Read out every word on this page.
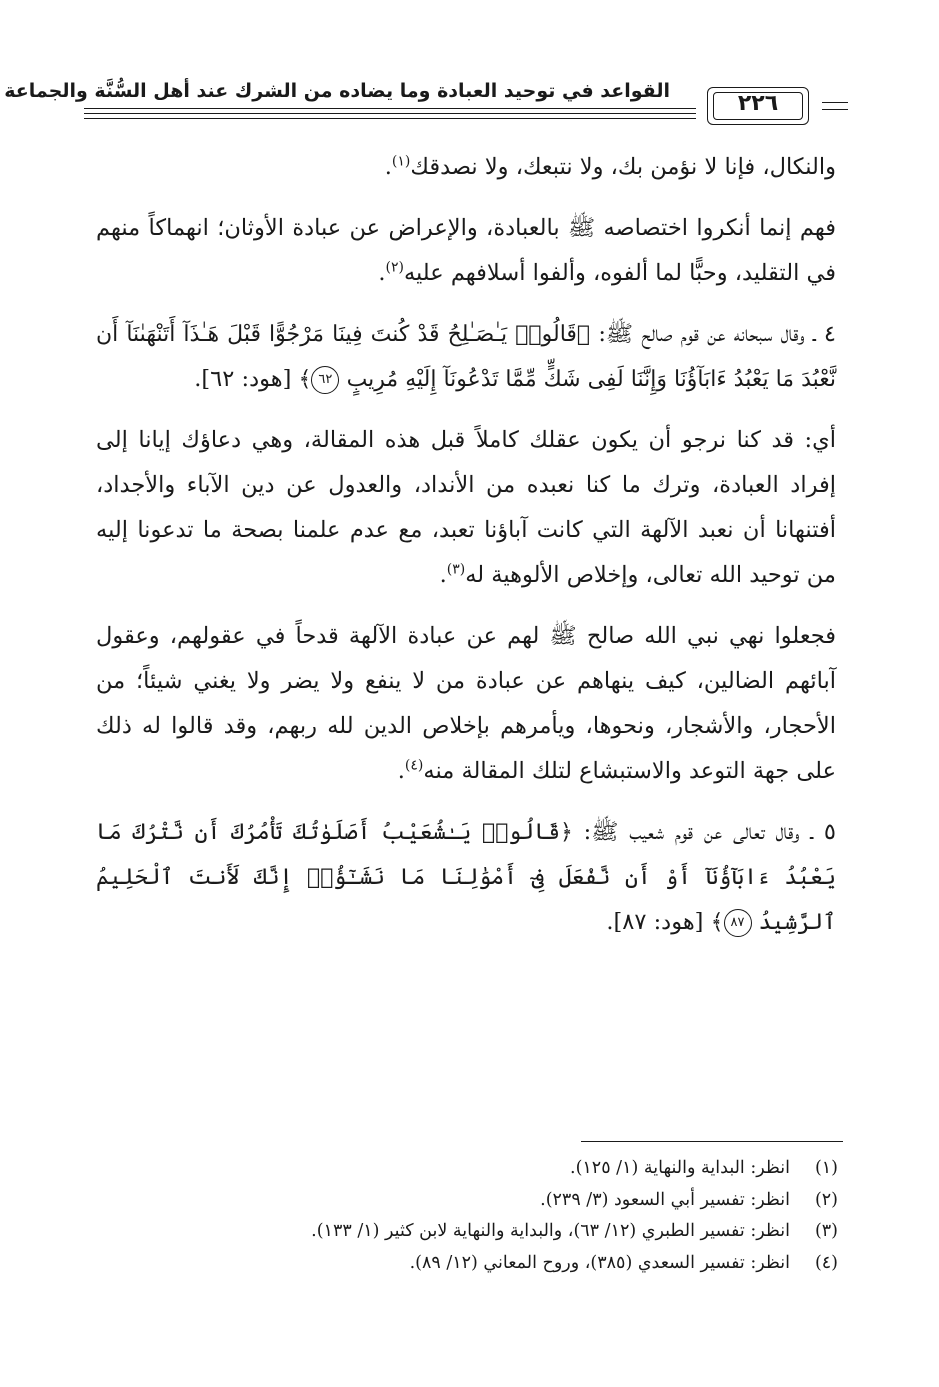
القواعد في توحيد العبادة وما يضاده من الشرك عند أهل السُّنَّة والجماعة	٢٢٦

والنكال، فإنا لا نؤمن بك، ولا نتبعك، ولا نصدقك$^{(١)}$.

فهم إنما أنكروا اختصاصه ﷺ بالعبادة، والإعراض عن عبادة الأوثان؛ انهماكاً منهم في التقليد، وحبًّا لما ألفوه، وألفوا أسلافهم عليه$^{(٢)}$.

٤ ـ وقال سبحانه عن قوم صالح ﷺ: ﴿قَالُوا۟ يَـٰصَـٰلِحُ قَدْ كُنتَ فِينَا مَرْجُوًّا قَبْلَ هَـٰذَآ أَتَنْهَىٰنَآ أَن نَّعْبُدَ مَا يَعْبُدُ ءَابَآؤُنَا وَإِنَّنَا لَفِى شَكٍّ مِّمَّا تَدْعُونَآ إِلَيْهِ مُرِيبٍ ٦٢﴾ [هود: ٦٢].

أي: قد كنا نرجو أن يكون عقلك كاملاً قبل هذه المقالة، وهي دعاؤك إيانا إلى إفراد العبادة، وترك ما كنا نعبده من الأنداد، والعدول عن دين الآباء والأجداد، أفتنهانا أن نعبد الآلهة التي كانت آباؤنا تعبد، مع عدم علمنا بصحة ما تدعونا إليه من توحيد الله تعالى، وإخلاص الألوهية له$^{(٣)}$.

فجعلوا نهي نبي الله صالح ﷺ لهم عن عبادة الآلهة قدحاً في عقولهم، وعقول آبائهم الضالين، كيف ينهاهم عن عبادة من لا ينفع ولا يضر ولا يغني شيئاً؛ من الأحجار، والأشجار، ونحوها، ويأمرهم بإخلاص الدين لله ربهم، وقد قالوا له ذلك على جهة التوعد والاستبشاع لتلك المقالة منه$^{(٤)}$.

٥ ـ وقال تعالى عن قوم شعيب ﷺ: ﴿قَالُوا۟ يَـٰشُعَيْبُ أَصَلَوٰتُكَ تَأْمُرُكَ أَن نَّتْرُكَ مَا يَعْبُدُ ءَابَآؤُنَآ أَوْ أَن نَّفْعَلَ فِىٓ أَمْوَٰلِنَا مَا نَشَـٰٓؤُا۟ إِنَّكَ لَأَنتَ ٱلْحَلِيمُ ٱلرَّشِيدُ ٨٧﴾ [هود: ٨٧].

(١)
انظر: البداية والنهاية (١/ ١٢٥).
(٢)
انظر: تفسير أبي السعود (٣/ ٢٣٩).
(٣)
انظر: تفسير الطبري (١٢/ ٦٣)، والبداية والنهاية لابن كثير (١/ ١٣٣).
(٤)
انظر: تفسير السعدي (٣٨٥)، وروح المعاني (١٢/ ٨٩).
